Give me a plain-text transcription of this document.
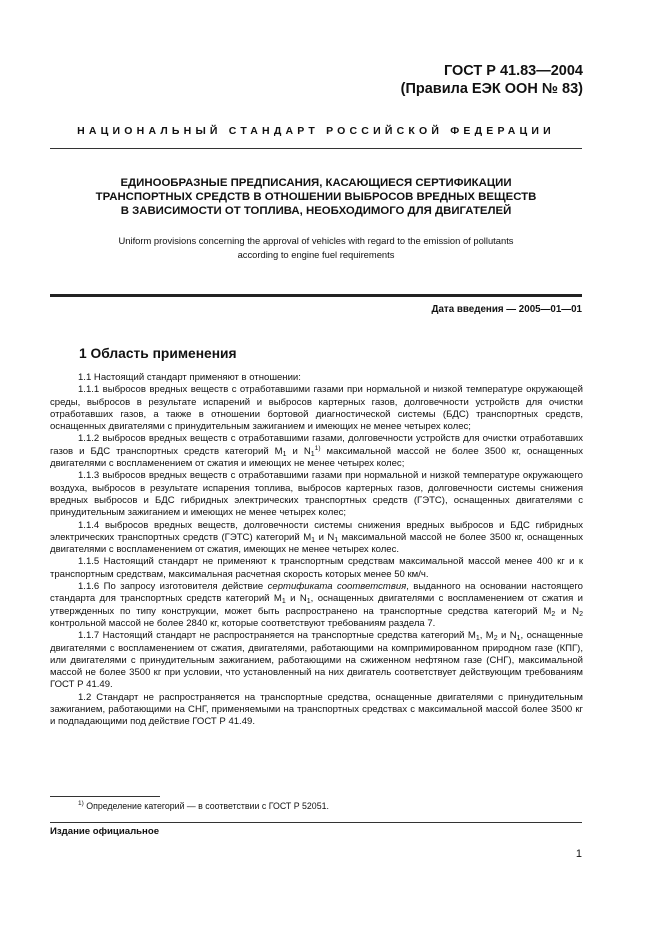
ГОСТ Р 41.83—2004
(Правила ЕЭК ООН № 83)
НАЦИОНАЛЬНЫЙ СТАНДАРТ РОССИЙСКОЙ ФЕДЕРАЦИИ
ЕДИНООБРАЗНЫЕ ПРЕДПИСАНИЯ, КАСАЮЩИЕСЯ СЕРТИФИКАЦИИ
ТРАНСПОРТНЫХ СРЕДСТВ В ОТНОШЕНИИ ВЫБРОСОВ ВРЕДНЫХ ВЕЩЕСТВ
В ЗАВИСИМОСТИ ОТ ТОПЛИВА, НЕОБХОДИМОГО ДЛЯ ДВИГАТЕЛЕЙ
Uniform provisions concerning the approval of vehicles with regard to the emission of pollutants
according to engine fuel requirements
Дата введения — 2005—01—01
1 Область применения

1.1 Настоящий стандарт применяют в отношении:

1.1.1 выбросов вредных веществ с отработавшими газами при нормальной и низкой температуре окружающей среды, выбросов в результате испарений и выбросов картерных газов, долговечности устройств для очистки отработавших газов, а также в отношении бортовой диагностической системы (БДС) транспортных средств, оснащенных двигателями с принудительным зажиганием и имеющих не менее четырех колес;

1.1.2 выбросов вредных веществ с отработавшими газами, долговечности устройств для очистки отработавших газов и БДС транспортных средств категорий $M_1$ и $N_1^{1)}$ максимальной массой не более 3500 кг, оснащенных двигателями с воспламенением от сжатия и имеющих не менее четырех колес;

1.1.3 выбросов вредных веществ с отработавшими газами при нормальной и низкой температуре окружающего воздуха, выбросов в результате испарения топлива, выбросов картерных газов, долговечности системы снижения вредных выбросов и БДС гибридных электрических транспортных средств (ГЭТС), оснащенных двигателями с принудительным зажиганием и имеющих не менее четырех колес;

1.1.4 выбросов вредных веществ, долговечности системы снижения вредных выбросов и БДС гибридных электрических транспортных средств (ГЭТС) категорий $M_1$ и $N_1$ максимальной массой не более 3500 кг, оснащенных двигателями с воспламенением от сжатия, имеющих не менее четырех колес.

1.1.5 Настоящий стандарт не применяют к транспортным средствам максимальной массой менее 400 кг и к транспортным средствам, максимальная расчетная скорость которых менее 50 км/ч.

1.1.6 По запросу изготовителя действие сертификата соответствия, выданного на основании настоящего стандарта для транспортных средств категорий $M_1$ и $N_1$, оснащенных двигателями с воспламенением от сжатия и утвержденных по типу конструкции, может быть распространено на транспортные средства категорий $M_2$ и $N_2$ контрольной массой не более 2840 кг, которые соответствуют требованиям раздела 7.

1.1.7 Настоящий стандарт не распространяется на транспортные средства категорий $M_1$, $M_2$ и $N_1$, оснащенные двигателями с воспламенением от сжатия, двигателями, работающими на компримированном природном газе (КПГ), или двигателями с принудительным зажиганием, работающими на сжиженном нефтяном газе (СНГ), максимальной массой не более 3500 кг при условии, что установленный на них двигатель соответствует действующим требованиям ГОСТ Р 41.49.

1.2 Стандарт не распространяется на транспортные средства, оснащенные двигателями с принудительным зажиганием, работающими на СНГ, применяемыми на транспортных средствах с максимальной массой более 3500 кг и подпадающими под действие ГОСТ Р 41.49.

$^{1)}$ Определение категорий — в соответствии с ГОСТ Р 52051.
Издание официальное
1
